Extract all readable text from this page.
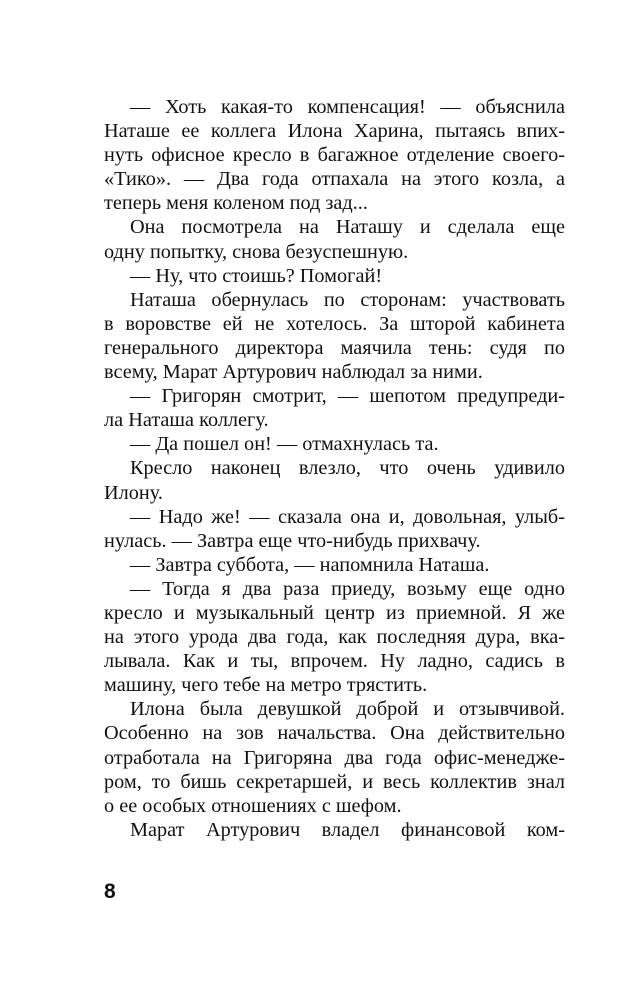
— Хоть какая-то компенсация! — объяснила
Наташе ее коллега Илона Харина, пытаясь впих-
нуть офисное кресло в багажное отделение своего-
«Тико». — Два года отпахала на этого козла, а
теперь меня коленом под зад...
Она посмотрела на Наташу и сделала еще
одну попытку, снова безуспешную.
— Ну, что стоишь? Помогай!
Наташа обернулась по сторонам: участвовать
в воровстве ей не хотелось. За шторой кабинета
генерального директора маячила тень: судя по
всему, Марат Артурович наблюдал за ними.
— Григорян смотрит, — шепотом предупреди-
ла Наташа коллегу.
— Да пошел он! — отмахнулась та.
Кресло наконец влезло, что очень удивило
Илону.
— Надо же! — сказала она и, довольная, улыб-
нулась. — Завтра еще что-нибудь прихвачу.
— Завтра суббота, — напомнила Наташа.
— Тогда я два раза приеду, возьму еще одно
кресло и музыкальный центр из приемной. Я же
на этого урода два года, как последняя дура, вка-
лывала. Как и ты, впрочем. Ну ладно, садись в
машину, чего тебе на метро трястить.
Илона была девушкой доброй и отзывчивой.
Особенно на зов начальства. Она действительно
отработала на Григоряна два года офис-менедже-
ром, то бишь секретаршей, и весь коллектив знал
о ее особых отношениях с шефом.
Марат Артурович владел финансовой ком-
8
